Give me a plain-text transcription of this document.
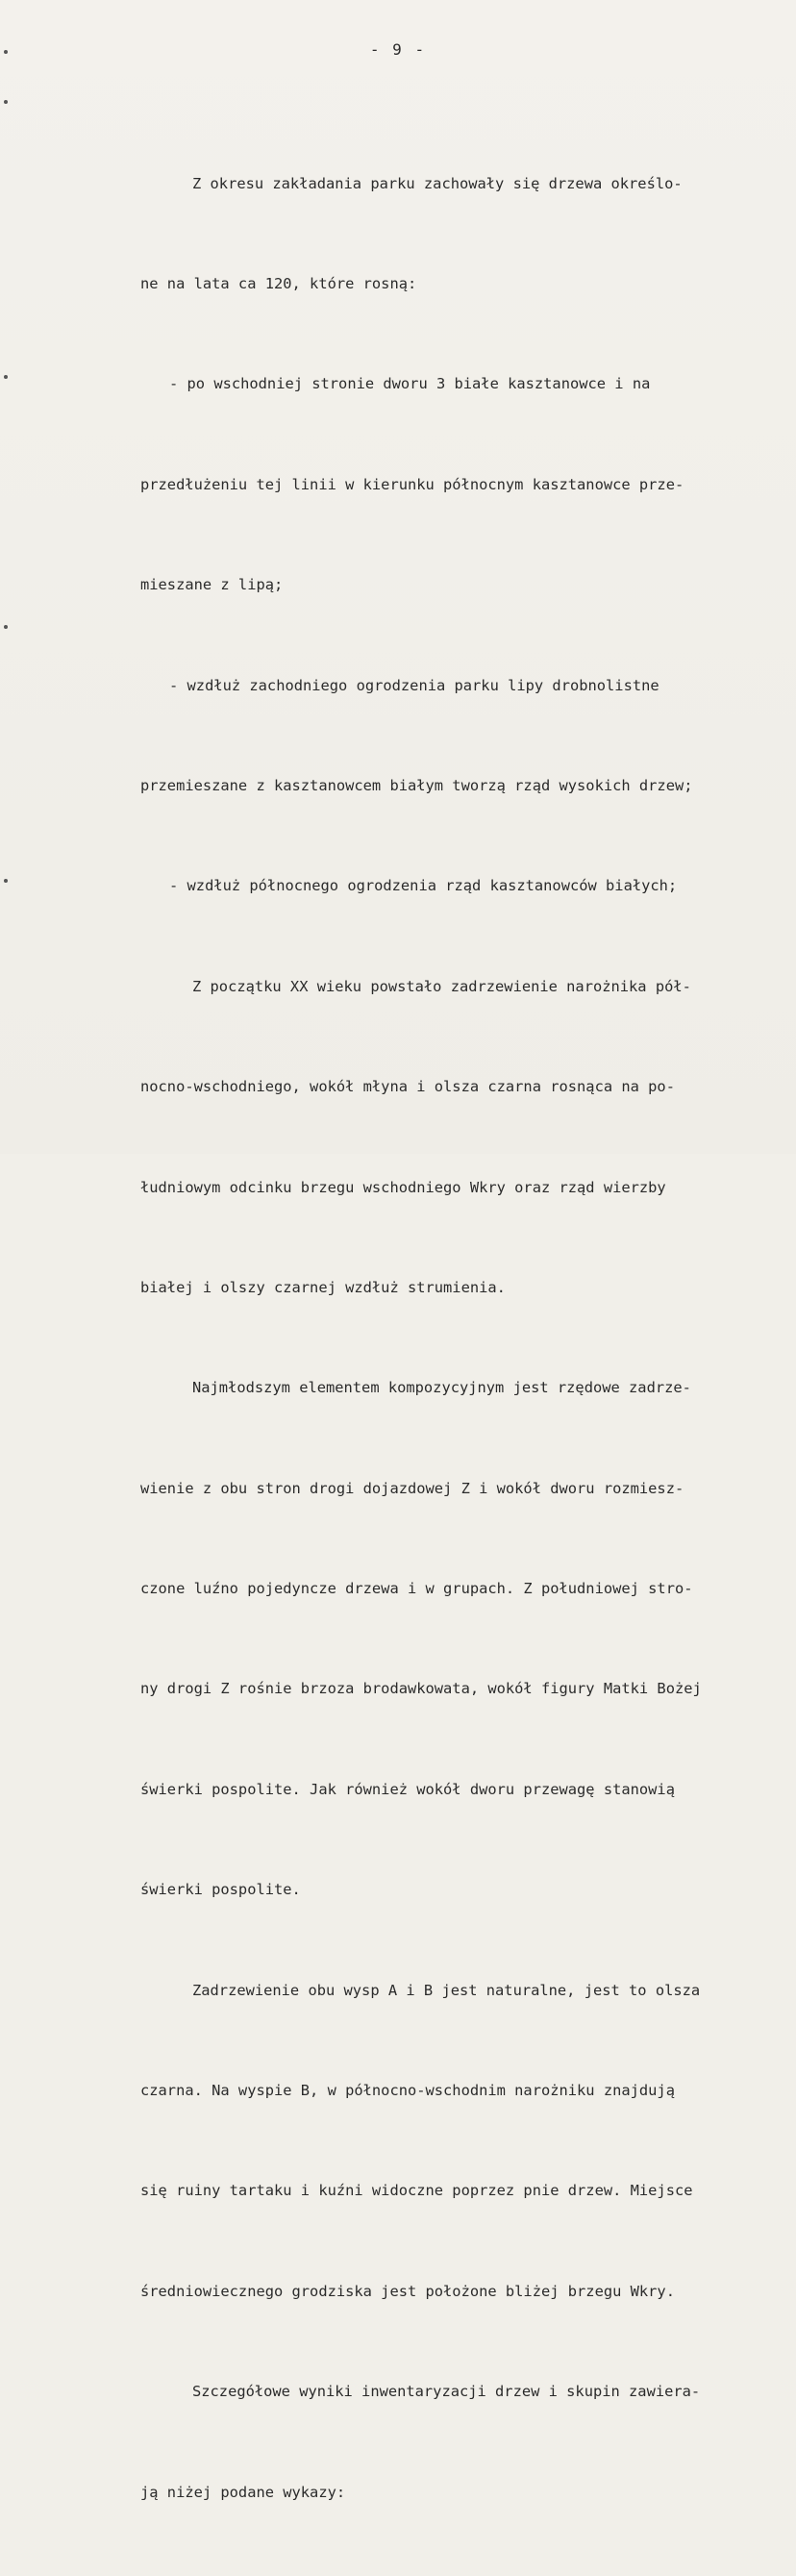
- 9 -

Z okresu zakładania parku zachowały się drzewa określo-

ne na lata ca 120, które rosną:

- po wschodniej stronie dworu 3 białe kasztanowce i na

przedłużeniu tej linii w kierunku północnym kasztanowce prze-

mieszane z lipą;

- wzdłuż zachodniego ogrodzenia parku lipy drobnolistne

przemieszane z kasztanowcem białym tworzą rząd wysokich drzew;

- wzdłuż północnego ogrodzenia rząd kasztanowców białych;

Z początku XX wieku powstało zadrzewienie narożnika pół-

nocno-wschodniego, wokół młyna i olsza czarna rosnąca na po-

łudniowym odcinku brzegu wschodniego Wkry oraz rząd wierzby

białej i olszy czarnej wzdłuż strumienia.

Najmłodszym elementem kompozycyjnym jest rzędowe zadrze-

wienie z obu stron drogi dojazdowej Z i wokół dworu rozmiesz-

czone luźno pojedyncze drzewa i w grupach. Z południowej stro-

ny drogi Z rośnie brzoza brodawkowata, wokół figury Matki Bożej

świerki pospolite. Jak również wokół dworu przewagę stanowią

świerki pospolite.

Zadrzewienie obu wysp A i B jest naturalne, jest to olsza

czarna. Na wyspie B, w północno-wschodnim narożniku znajdują

się ruiny tartaku i kuźni widoczne poprzez pnie drzew. Miejsce

średniowiecznego grodziska jest położone bliżej brzegu Wkry.

Szczegółowe wyniki inwentaryzacji drzew i skupin zawiera-

ją niżej podane wykazy:
